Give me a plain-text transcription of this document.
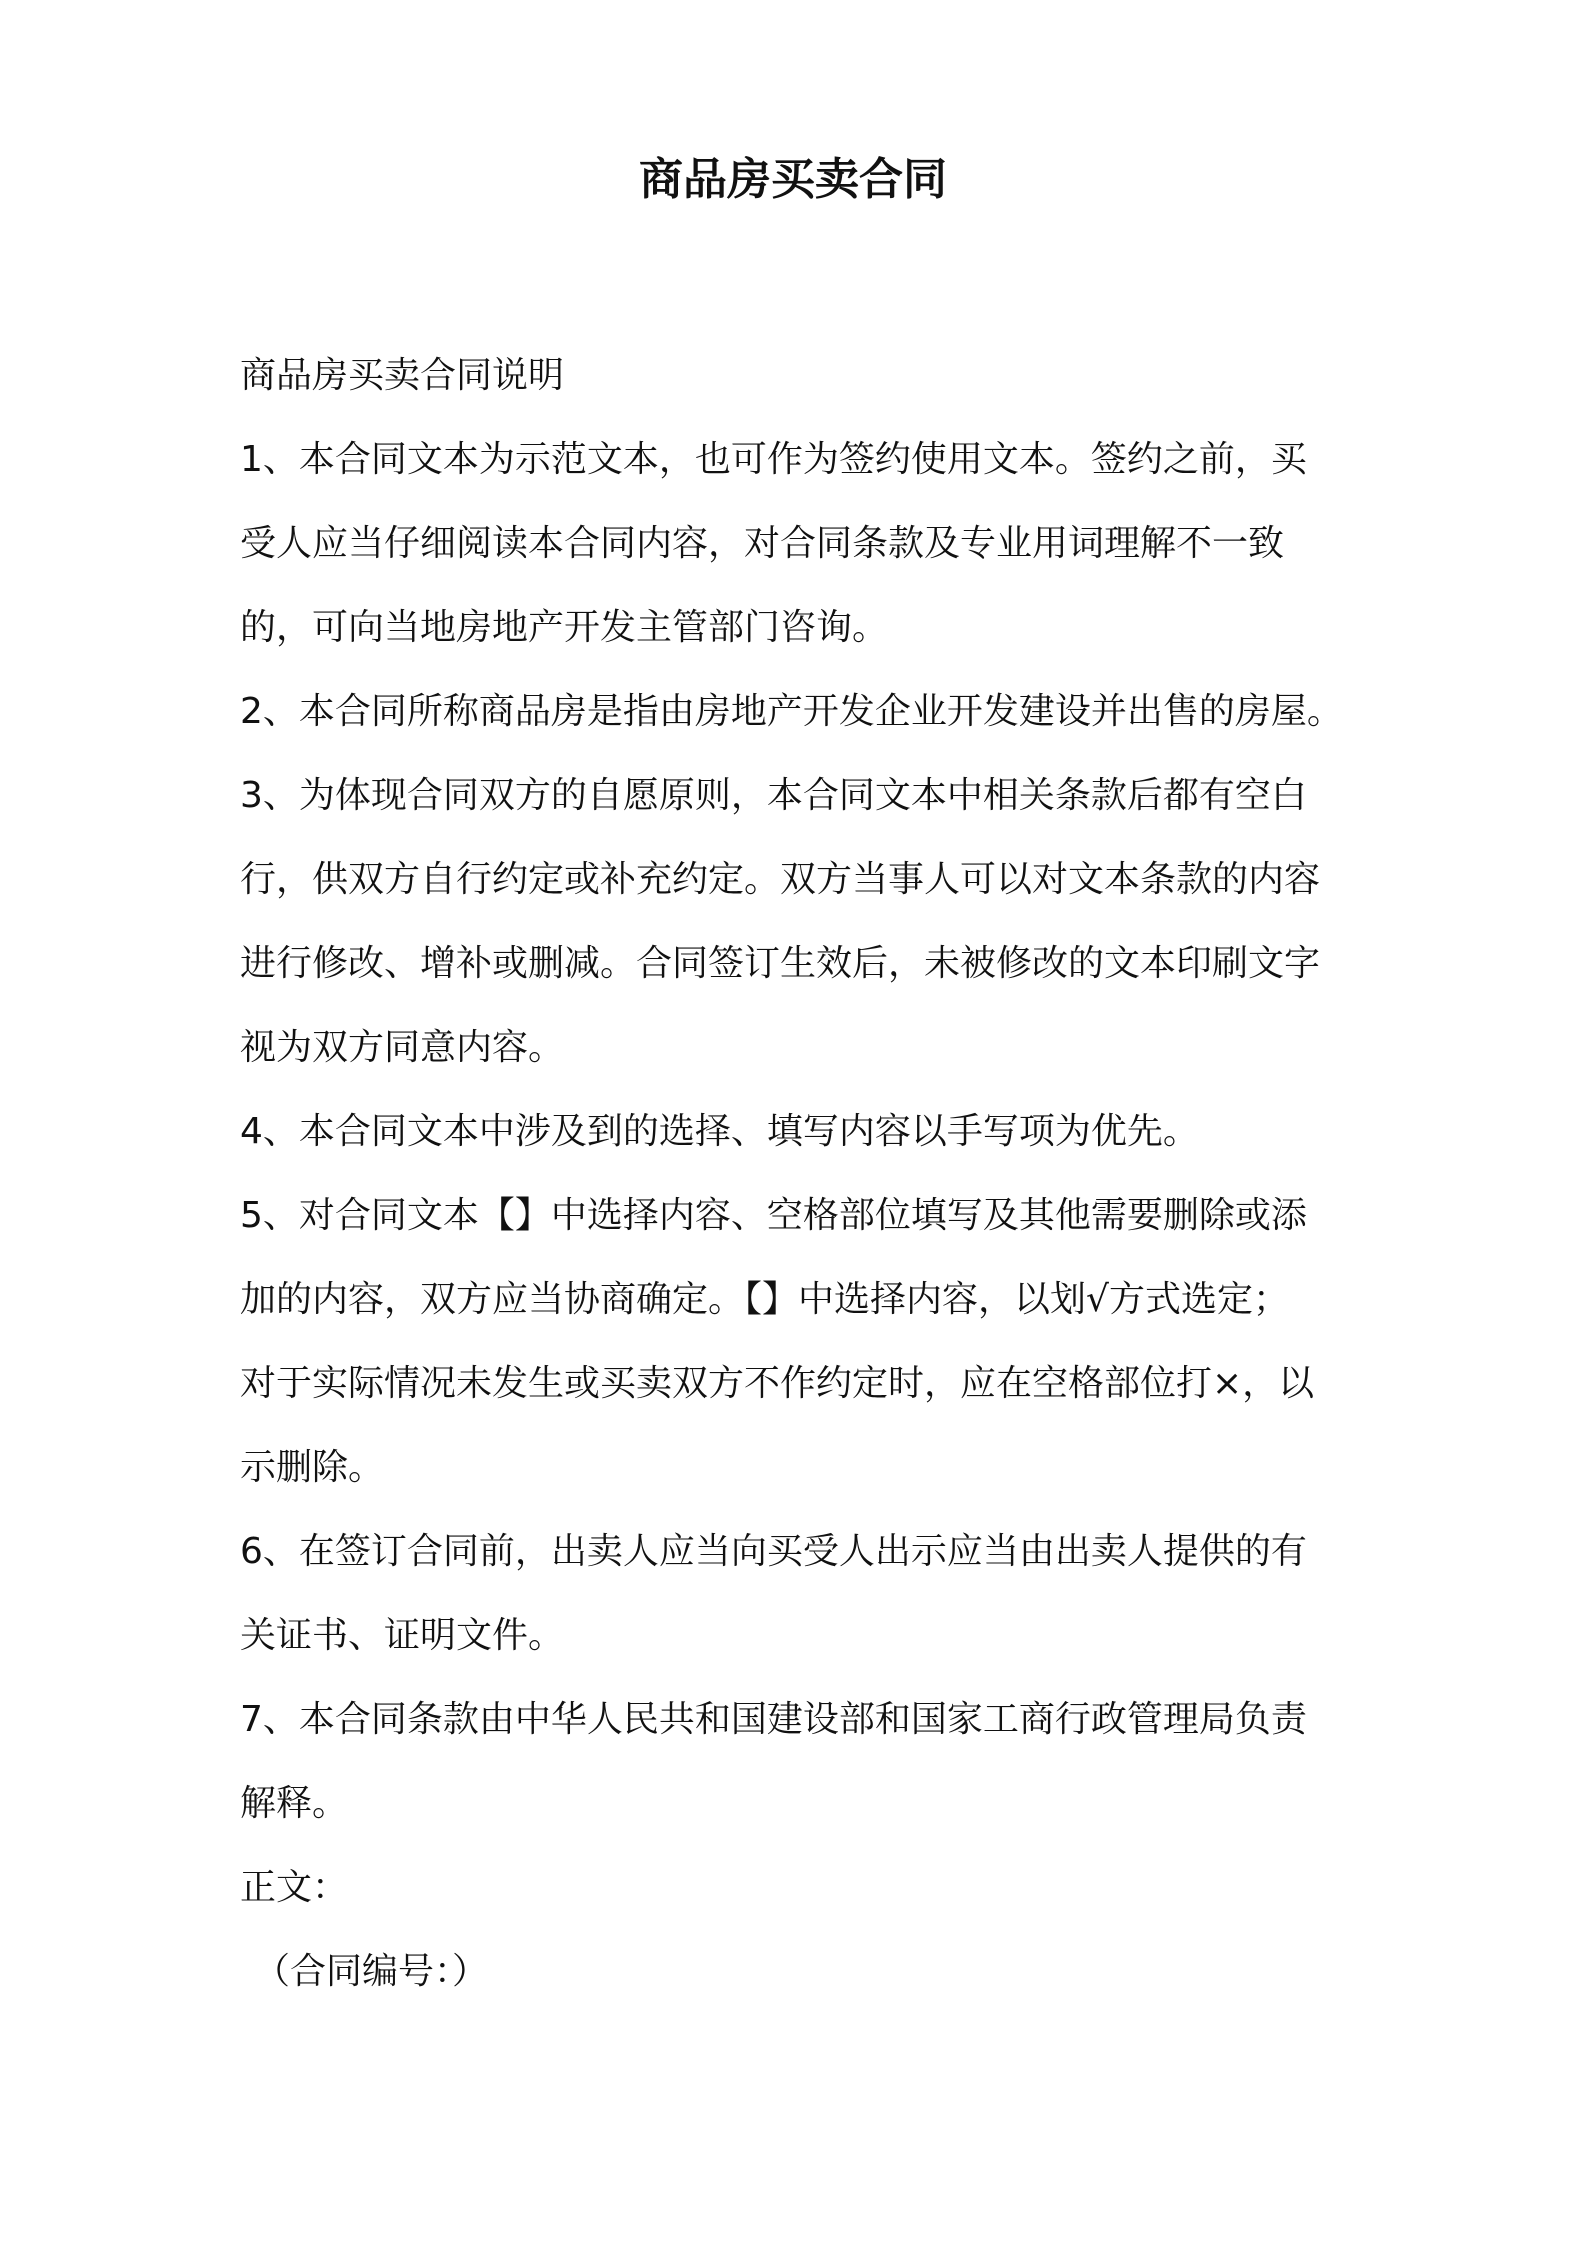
商品房买卖合同

商品房买卖合同说明

1、本合同文本为示范文本，也可作为签约使用文本。签约之前，买
受人应当仔细阅读本合同内容，对合同条款及专业用词理解不一致
的，可向当地房地产开发主管部门咨询。

2、本合同所称商品房是指由房地产开发企业开发建设并出售的房屋。

3、为体现合同双方的自愿原则，本合同文本中相关条款后都有空白
行，供双方自行约定或补充约定。双方当事人可以对文本条款的内容
进行修改、增补或删减。合同签订生效后，未被修改的文本印刷文字
视为双方同意内容。

4、本合同文本中涉及到的选择、填写内容以手写项为优先。

5、对合同文本【】中选择内容、空格部位填写及其他需要删除或添
加的内容，双方应当协商确定。【】中选择内容，以划√方式选定；
对于实际情况未发生或买卖双方不作约定时，应在空格部位打×，以
示删除。

6、在签订合同前，出卖人应当向买受人出示应当由出卖人提供的有
关证书、证明文件。

7、本合同条款由中华人民共和国建设部和国家工商行政管理局负责
解释。

正文：

（合同编号：）
